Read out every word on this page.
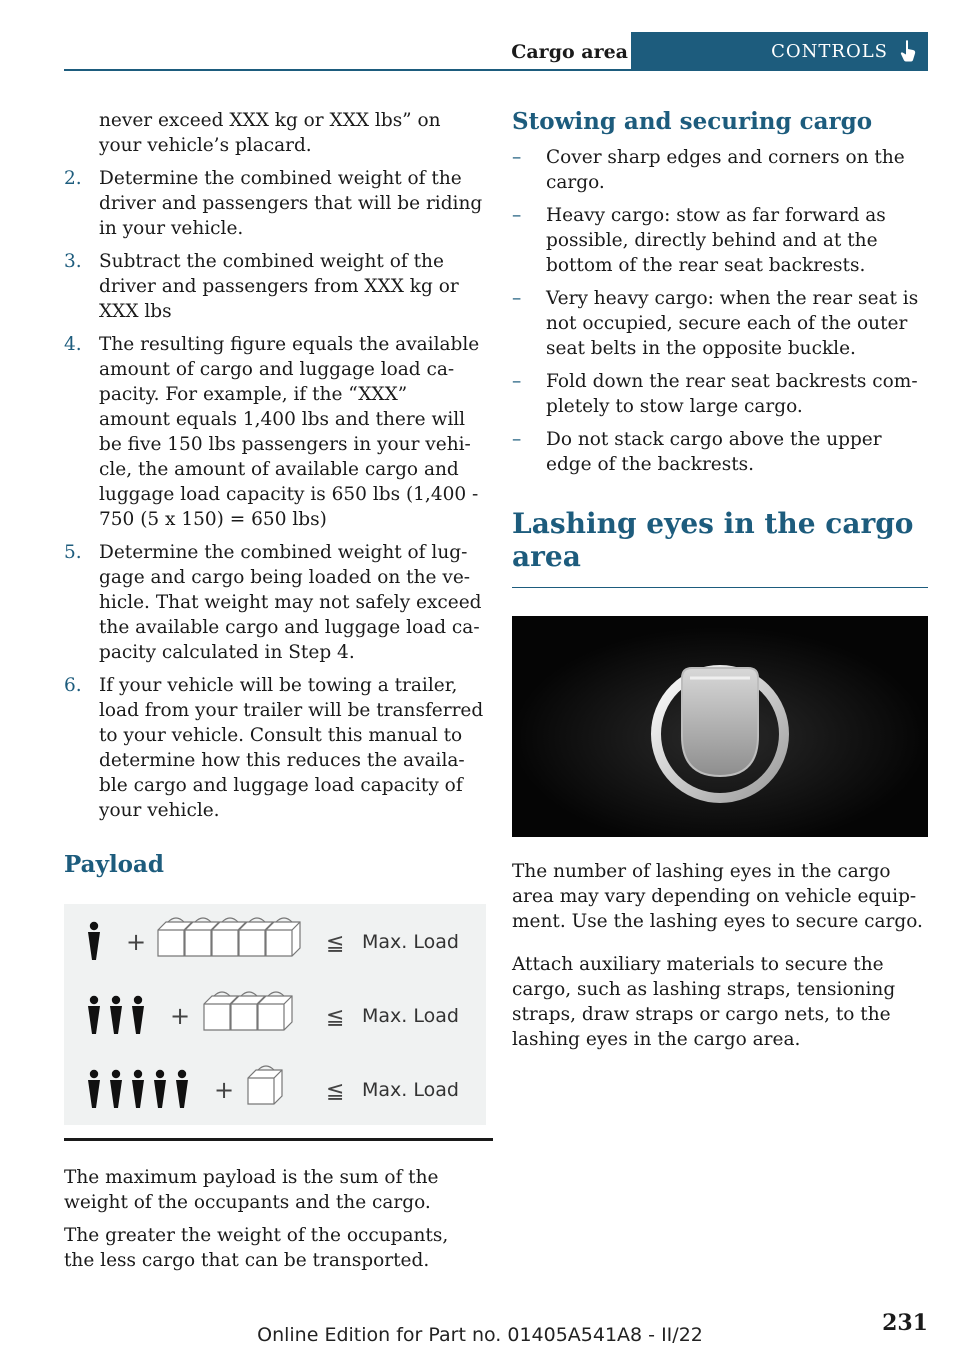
Cargo area	CONTROLS

never exceed XXX kg or XXX lbs” on your vehicle’s placard.

2. Determine the combined weight of the driver and passengers that will be riding in your vehicle.
3. Subtract the combined weight of the driver and passengers from XXX kg or XXX lbs
4. The resulting figure equals the available amount of cargo and luggage load capacity. For example, if the “XXX” amount equals 1,400 lbs and there will be five 150 lbs passengers in your vehicle, the amount of available cargo and luggage load capacity is 650 lbs (1,400 - 750 (5 x 150) = 650 lbs)
5. Determine the combined weight of luggage and cargo being loaded on the vehicle. That weight may not safely exceed the available cargo and luggage load capacity calculated in Step 4.
6. If your vehicle will be towing a trailer, load from your trailer will be transferred to your vehicle. Consult this manual to determine how this reduces the available cargo and luggage load capacity of your vehicle.
Payload
+	≦ Max. Load
+	≦ Max. Load
+	≦ Max. Load

The maximum payload is the sum of the weight of the occupants and the cargo.

The greater the weight of the occupants, the less cargo that can be transported.

Stowing and securing cargo
– Cover sharp edges and corners on the cargo.
– Heavy cargo: stow as far forward as possible, directly behind and at the bottom of the rear seat backrests.
– Very heavy cargo: when the rear seat is not occupied, secure each of the outer seat belts in the opposite buckle.
– Fold down the rear seat backrests completely to stow large cargo.
– Do not stack cargo above the upper edge of the backrests.
Lashing eyes in the cargo area

The number of lashing eyes in the cargo area may vary depending on vehicle equipment. Use the lashing eyes to secure cargo.

Attach auxiliary materials to secure the cargo, such as lashing straps, tensioning straps, draw straps or cargo nets, to the lashing eyes in the cargo area.

231
Online Edition for Part no. 01405A541A8 - II/22
